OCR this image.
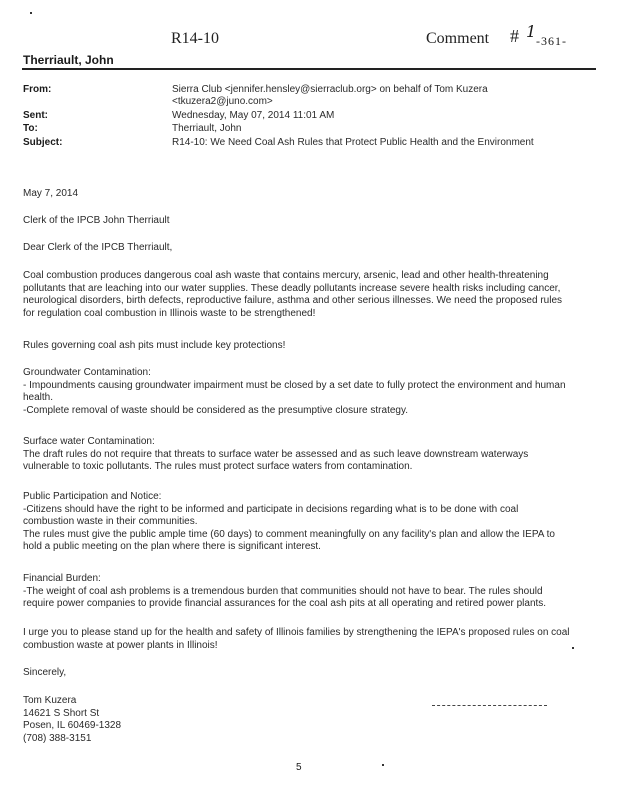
R14-10	Comment # 1 -361-
Therriault, John
From:	Sierra Club <jennifer.hensley@sierraclub.org> on behalf of Tom Kuzera <tkuzera2@juno.com>
Sent:	Wednesday, May 07, 2014 11:01 AM
To:	Therriault, John
Subject:	R14-10: We Need Coal Ash Rules that Protect Public Health and the Environment
May 7, 2014
Clerk of the IPCB John Therriault
Dear Clerk of the IPCB Therriault,
Coal combustion produces dangerous coal ash waste that contains mercury, arsenic, lead and other health-threatening pollutants that are leaching into our water supplies. These deadly pollutants increase severe health risks including cancer, neurological disorders, birth defects, reproductive failure, asthma and other serious illnesses. We need the proposed rules for regulation coal combustion in Illinois waste to be strengthened!
Rules governing coal ash pits must include key protections!

Groundwater Contamination:

- Impoundments causing groundwater impairment must be closed by a set date to fully protect the environment and human health.

-Complete removal of waste should be considered as the presumptive closure strategy.

Surface water Contamination:

The draft rules do not require that threats to surface water be assessed and as such leave downstream waterways vulnerable to toxic pollutants. The rules must protect surface waters from contamination.

Public Participation and Notice:

-Citizens should have the right to be informed and participate in decisions regarding what is to be done with coal combustion waste in their communities.

The rules must give the public ample time (60 days) to comment meaningfully on any facility's plan and allow the IEPA to hold a public meeting on the plan where there is significant interest.

Financial Burden:

-The weight of coal ash problems is a tremendous burden that communities should not have to bear. The rules should require power companies to provide financial assurances for the coal ash pits at all operating and retired power plants.

I urge you to please stand up for the health and safety of Illinois families by strengthening the IEPA's proposed rules on coal combustion waste at power plants in Illinois!
Sincerely,

Tom Kuzera

14621 S Short St

Posen, IL 60469-1328

(708) 388-3151

5
